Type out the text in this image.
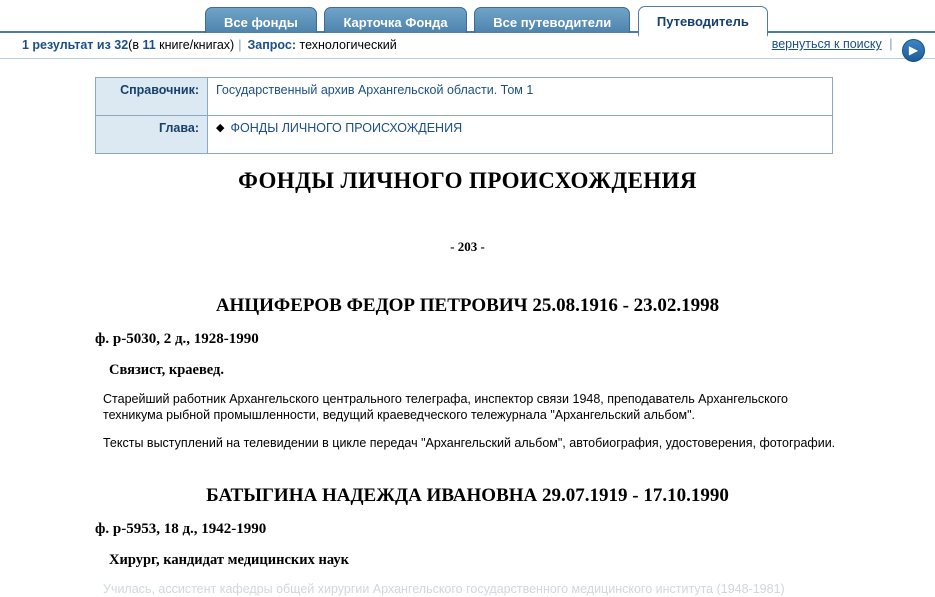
Все фонды	Карточка Фонда	Все путеводители	Путеводитель
1 результат из 32(в 11 книге/книгах) | Запрос: технологический	вернуться к поиску | ▶
Справочник:	Государственный архив Архангельской области. Том 1
Глава:	◆ ФОНДЫ ЛИЧНОГО ПРОИСХОЖДЕНИЯ
ФОНДЫ ЛИЧНОГО ПРОИСХОЖДЕНИЯ
- 203 -
АНЦИФЕРОВ ФЕДОР ПЕТРОВИЧ 25.08.1916 - 23.02.1998
ф. р-5030, 2 д., 1928-1990
Связист, краевед.
Старейший работник Архангельского центрального телеграфа, инспектор связи 1948, преподаватель Архангельского техникума рыбной промышленности, ведущий краеведческого тележурнала "Архангельский альбом".
Тексты выступлений на телевидении в цикле передач "Архангельский альбом", автобиография, удостоверения, фотографии.
БАТЫГИНА НАДЕЖДА ИВАНОВНА 29.07.1919 - 17.10.1990
ф. р-5953, 18 д., 1942-1990
Хирург, кандидат медицинских наук
Училась, ассистент кафедры общей хирургии Архангельского государственного медицинского института (1948-1981)
